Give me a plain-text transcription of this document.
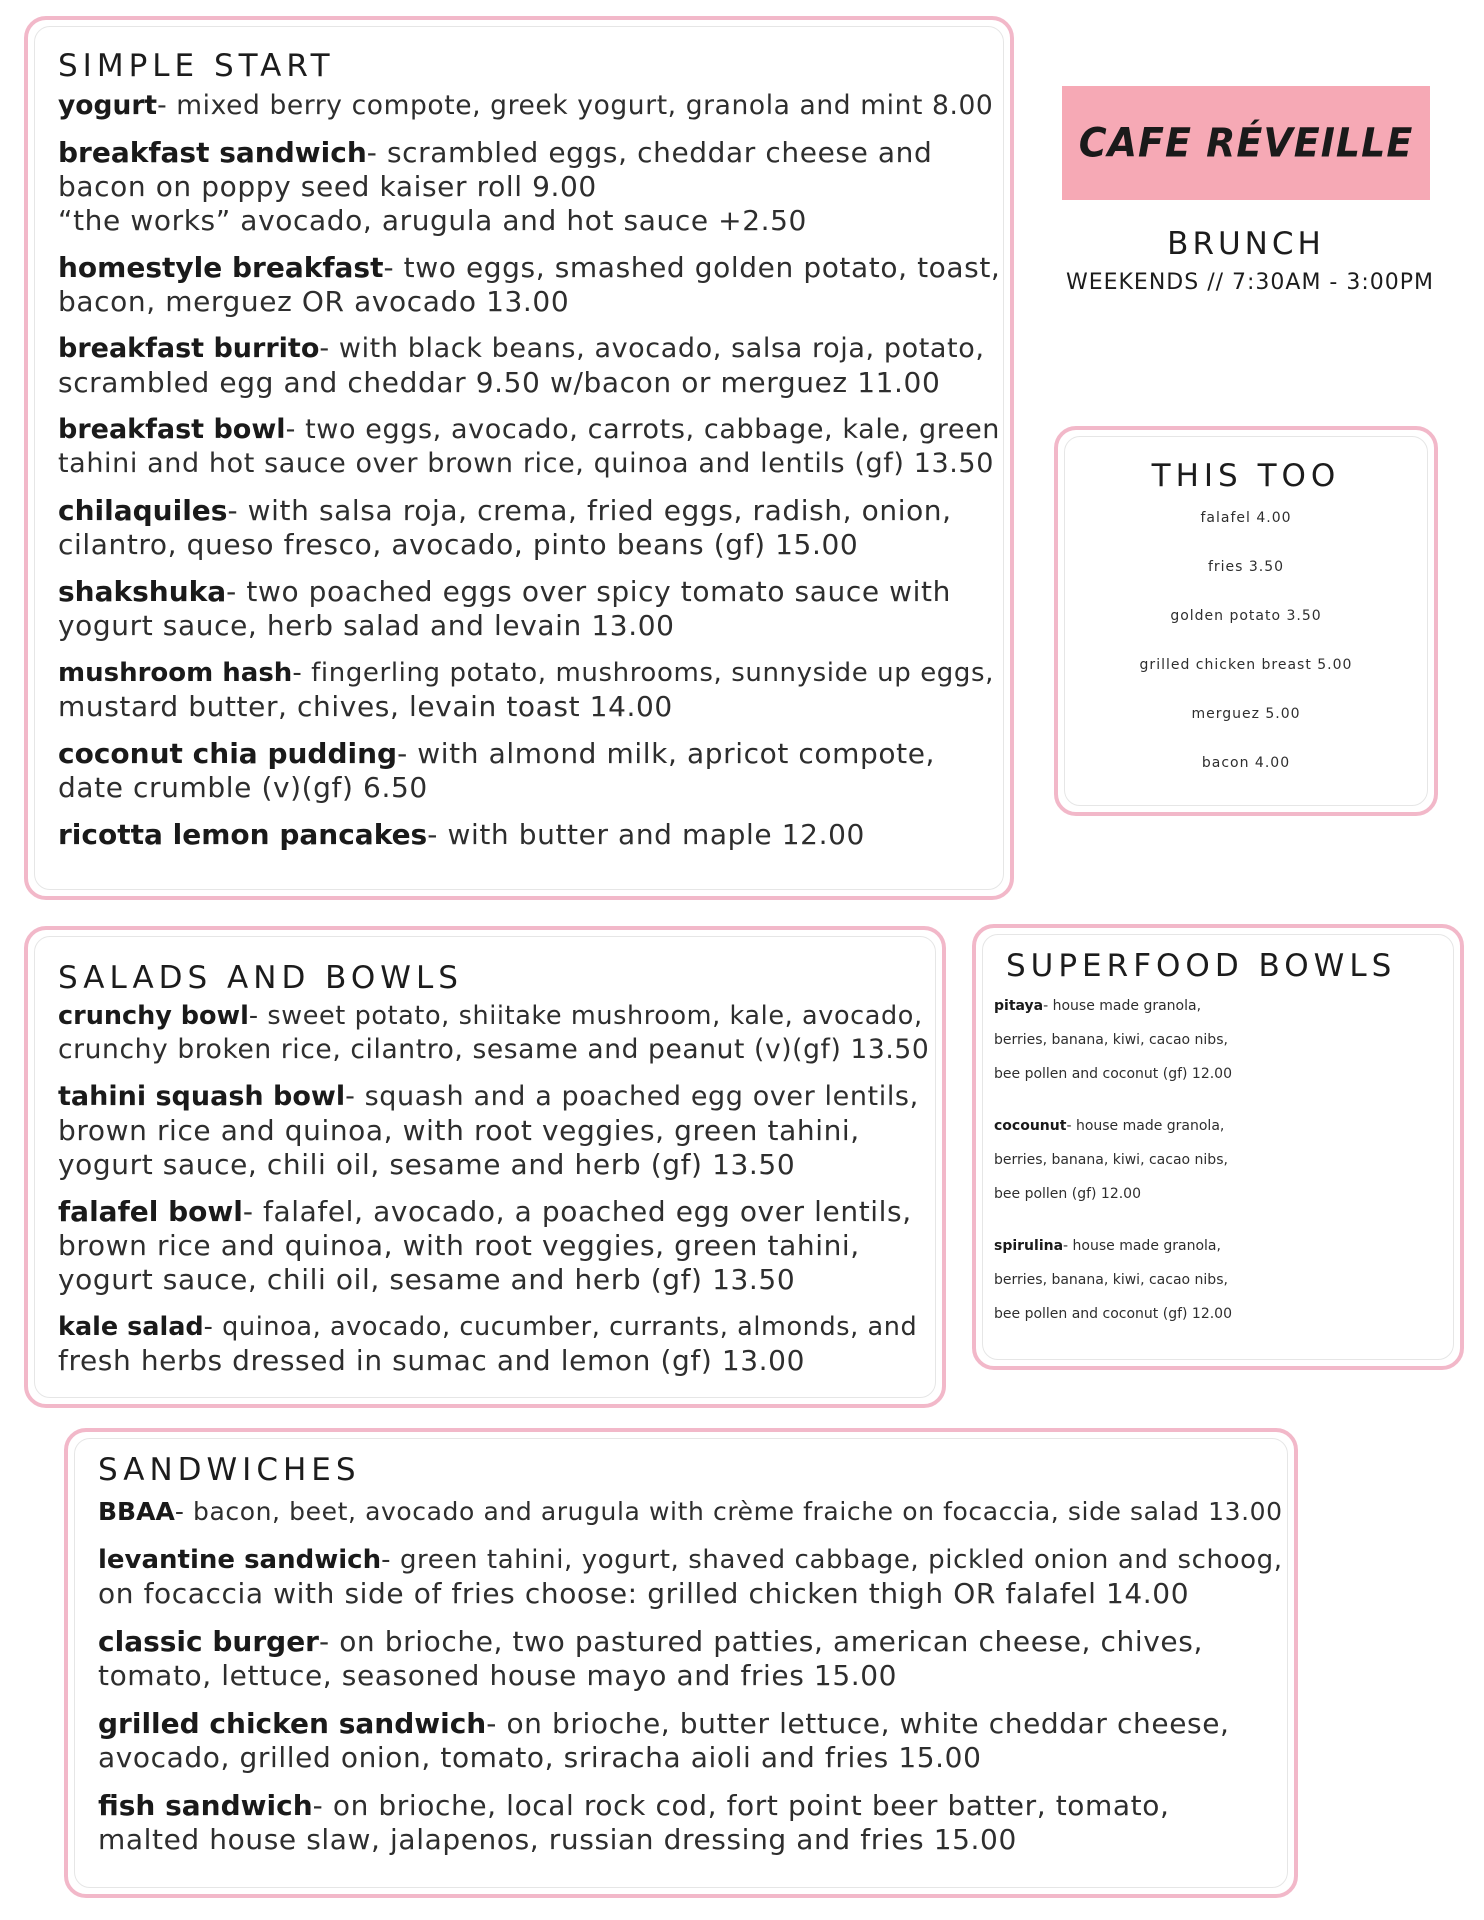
SIMPLE START

yogurt- mixed berry compote, greek yogurt, granola and mint 8.00

breakfast sandwich- scrambled eggs, cheddar cheese and
bacon on poppy seed kaiser roll 9.00
“the works” avocado, arugula and hot sauce +2.50

homestyle breakfast- two eggs, smashed golden potato, toast,
bacon, merguez OR avocado 13.00

breakfast burrito- with black beans, avocado, salsa roja, potato,
scrambled egg and cheddar 9.50 w/bacon or merguez 11.00

breakfast bowl- two eggs, avocado, carrots, cabbage, kale, green
tahini and hot sauce over brown rice, quinoa and lentils (gf) 13.50

chilaquiles- with salsa roja, crema, fried eggs, radish, onion,
cilantro, queso fresco, avocado, pinto beans (gf) 15.00

shakshuka- two poached eggs over spicy tomato sauce with
yogurt sauce, herb salad and levain 13.00

mushroom hash- fingerling potato, mushrooms, sunnyside up eggs,
mustard butter, chives, levain toast 14.00

coconut chia pudding- with almond milk, apricot compote,
date crumble (v)(gf) 6.50

ricotta lemon pancakes- with butter and maple 12.00

CAFE RÉVEILLE
BRUNCH
WEEKENDS // 7:30AM - 3:00PM
THIS TOO
falafel 4.00
fries 3.50
golden potato 3.50
grilled chicken breast 5.00
merguez 5.00
bacon 4.00
SALADS AND BOWLS

crunchy bowl- sweet potato, shiitake mushroom, kale, avocado,
crunchy broken rice, cilantro, sesame and peanut (v)(gf) 13.50

tahini squash bowl- squash and a poached egg over lentils,
brown rice and quinoa, with root veggies, green tahini,
yogurt sauce, chili oil, sesame and herb (gf) 13.50

falafel bowl- falafel, avocado, a poached egg over lentils,
brown rice and quinoa, with root veggies, green tahini,
yogurt sauce, chili oil, sesame and herb (gf) 13.50

kale salad- quinoa, avocado, cucumber, currants, almonds, and
fresh herbs dressed in sumac and lemon (gf) 13.00

SUPERFOOD BOWLS

pitaya- house made granola,
berries, banana, kiwi, cacao nibs,
bee pollen and coconut (gf) 12.00

cocounut- house made granola,
berries, banana, kiwi, cacao nibs,
bee pollen (gf) 12.00

spirulina- house made granola,
berries, banana, kiwi, cacao nibs,
bee pollen and coconut (gf) 12.00

SANDWICHES

BBAA- bacon, beet, avocado and arugula with crème fraiche on focaccia, side salad 13.00

levantine sandwich- green tahini, yogurt, shaved cabbage, pickled onion and schoog,
on focaccia with side of fries choose: grilled chicken thigh OR falafel 14.00

classic burger- on brioche, two pastured patties, american cheese, chives,
tomato, lettuce, seasoned house mayo and fries 15.00

grilled chicken sandwich- on brioche, butter lettuce, white cheddar cheese,
avocado, grilled onion, tomato, sriracha aioli and fries 15.00

fish sandwich- on brioche, local rock cod, fort point beer batter, tomato,
malted house slaw, jalapenos, russian dressing and fries 15.00
